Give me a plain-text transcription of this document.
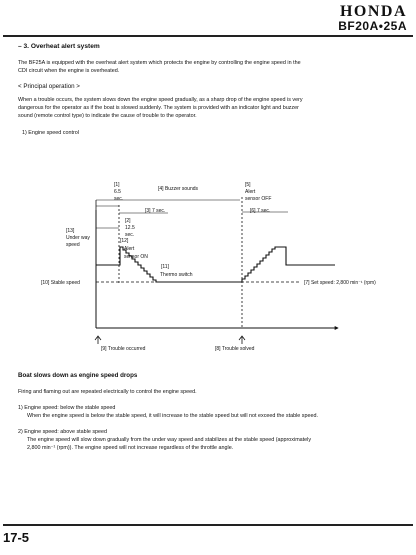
HONDA
BF20A•25A
– 3. Overheat alert system
The BF25A is equipped with the overheat alert system which protects the engine by controlling the engine speed in the
CDI circuit when the engine is overheated.
< Principal operation >
When a trouble occurs, the system slows down the engine speed gradually, as a sharp drop of the engine speed is very
dangerous for the operator as if the boat is slowed suddenly. The system is provided with an indicator light and buzzer
sound (remote control type) to indicate the cause of trouble to the operator.
1) Engine speed control
[1]
6.5
sec.
[4] Buzzer sounds
[5]
Alert
sensor OFF
[3] 7 sec.	[6] 7 sec.
[2]
12.5
sec.
[12]
Alert
sensor ON
[13]
Under way
speed
[11]
Thermo switch
[10] Stable speed	[7] Set speed: 2,800 min⁻¹ (rpm)
[9] Trouble occurred	[8] Trouble solved
Boat slows down as engine speed drops
Firing and flaming out are repeated electrically to control the engine speed.
1) Engine speed: below the stable speed
When the engine speed is below the stable speed, it will increase to the stable speed but will not exceed the stable speed.
2) Engine speed: above stable speed
The engine speed will slow down gradually from the under way speed and stabilizes at the stable speed (approximately
2,800 min⁻¹ (rpm)). The engine speed will not increase regardless of the throttle angle.
17-5
